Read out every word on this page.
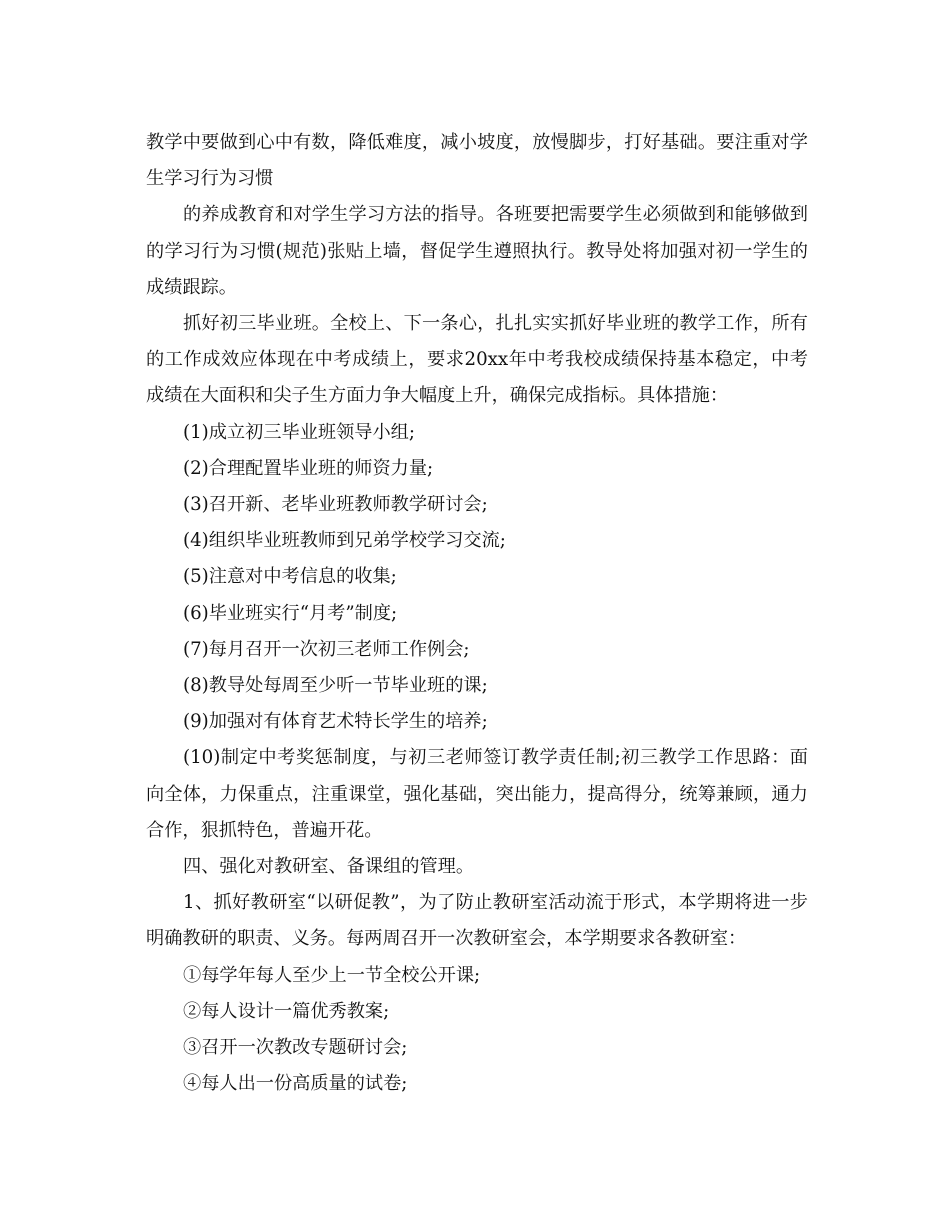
教学中要做到心中有数，降低难度，减小坡度，放慢脚步，打好基础。要注重对学生学习行为习惯

的养成教育和对学生学习方法的指导。各班要把需要学生必须做到和能够做到的学习行为习惯(规范)张贴上墙，督促学生遵照执行。教导处将加强对初一学生的成绩跟踪。

抓好初三毕业班。全校上、下一条心，扎扎实实抓好毕业班的教学工作，所有的工作成效应体现在中考成绩上，要求20xx年中考我校成绩保持基本稳定，中考成绩在大面积和尖子生方面力争大幅度上升，确保完成指标。具体措施：

(1)成立初三毕业班领导小组;

(2)合理配置毕业班的师资力量;

(3)召开新、老毕业班教师教学研讨会;

(4)组织毕业班教师到兄弟学校学习交流;

(5)注意对中考信息的收集;

(6)毕业班实行“月考”制度;

(7)每月召开一次初三老师工作例会;

(8)教导处每周至少听一节毕业班的课;

(9)加强对有体育艺术特长学生的培养;

(10)制定中考奖惩制度，与初三老师签订教学责任制;初三教学工作思路：面向全体，力保重点，注重课堂，强化基础，突出能力，提高得分，统筹兼顾，通力合作，狠抓特色，普遍开花。

四、强化对教研室、备课组的管理。

1、抓好教研室“以研促教”，为了防止教研室活动流于形式，本学期将进一步明确教研的职责、义务。每两周召开一次教研室会，本学期要求各教研室：

①每学年每人至少上一节全校公开课;

②每人设计一篇优秀教案;

③召开一次教改专题研讨会;

④每人出一份高质量的试卷;
